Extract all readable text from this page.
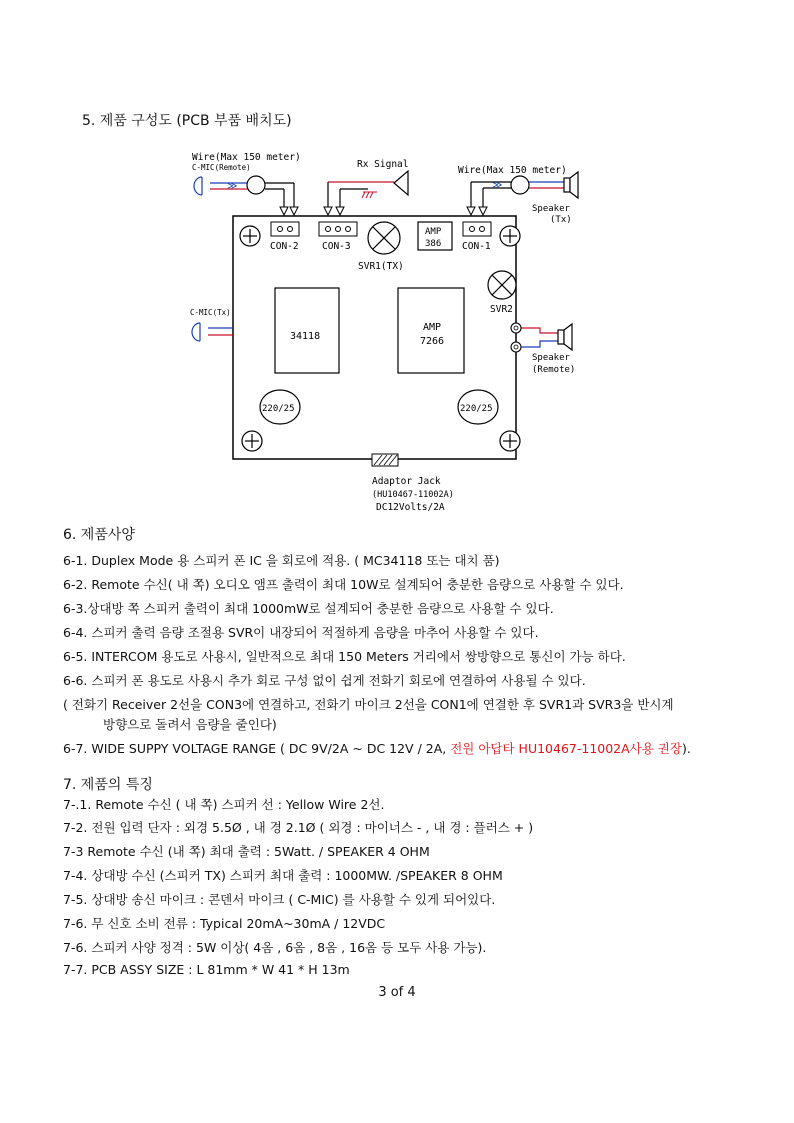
5. 제품 구성도 (PCB 부품 배치도)
Wire(Max 150 meter)
C-MIC(Remote)
≫
Rx Signal
Wire(Max 150 meter)
≫
Speaker
(Tx)
CON-2 CON-3
SVR1(TX)
AMP
386 CON-1
SVR2
C-MIC(Tx)
34118
AMP
7266
Speaker
(Remote)
220/25	220/25
Adaptor Jack
(HU10467-11002A)
DC12Volts/2A
6. 제품사양
6-1. Duplex Mode 용 스피커 폰 IC 을 회로에 적용. ( MC34118 또는 대치 품)
6-2. Remote 수신( 내 쪽) 오디오 앰프 출력이 최대 10W로 설계되어 충분한 음량으로 사용할 수 있다.
6-3.상대방 쪽 스피커 출력이 최대 1000mW로 설계되어 충분한 음량으로 사용할 수 있다.
6-4. 스피커 출력 음량 조절용 SVR이 내장되어 적절하게 음량을 마추어 사용할 수 있다.
6-5. INTERCOM 용도로 사용시, 일반적으로 최대 150 Meters 거리에서 쌍방향으로 통신이 가능 하다.
6-6. 스피커 폰 용도로 사용시 추가 회로 구성 없이 쉽게 전화기 회로에 연결하여 사용될 수 있다.
( 전화기 Receiver 2선을 CON3에 연결하고, 전화기 마이크 2선을 CON1에 연결한 후 SVR1과 SVR3을 반시계
방향으로 돌려서 음량을 줄인다)
6-7. WIDE SUPPY VOLTAGE RANGE ( DC 9V/2A ~ DC 12V / 2A, 전원 아답타 HU10467-11002A사용 권장).
7. 제품의 특징
7-.1. Remote 수신 ( 내 쪽) 스피커 선 : Yellow Wire 2선.
7-2. 전원 입력 단자 : 외경 5.5Ø , 내 경 2.1Ø ( 외경 : 마이너스 - , 내 경 : 플러스 + )
7-3 Remote 수신 (내 쪽) 최대 출력 : 5Watt. / SPEAKER 4 OHM
7-4. 상대방 수신 (스피커 TX) 스피커 최대 출력 : 1000MW. /SPEAKER 8 OHM
7-5. 상대방 송신 마이크 : 콘덴서 마이크 ( C-MIC) 를 사용할 수 있게 되어있다.
7-6. 무 신호 소비 전류 : Typical 20mA~30mA / 12VDC
7-6. 스피커 사양 정격 : 5W 이상( 4옴 , 6옴 , 8옴 , 16옴 등 모두 사용 가능).
7-7. PCB ASSY SIZE : L 81mm * W 41 * H 13m
3 of 4
